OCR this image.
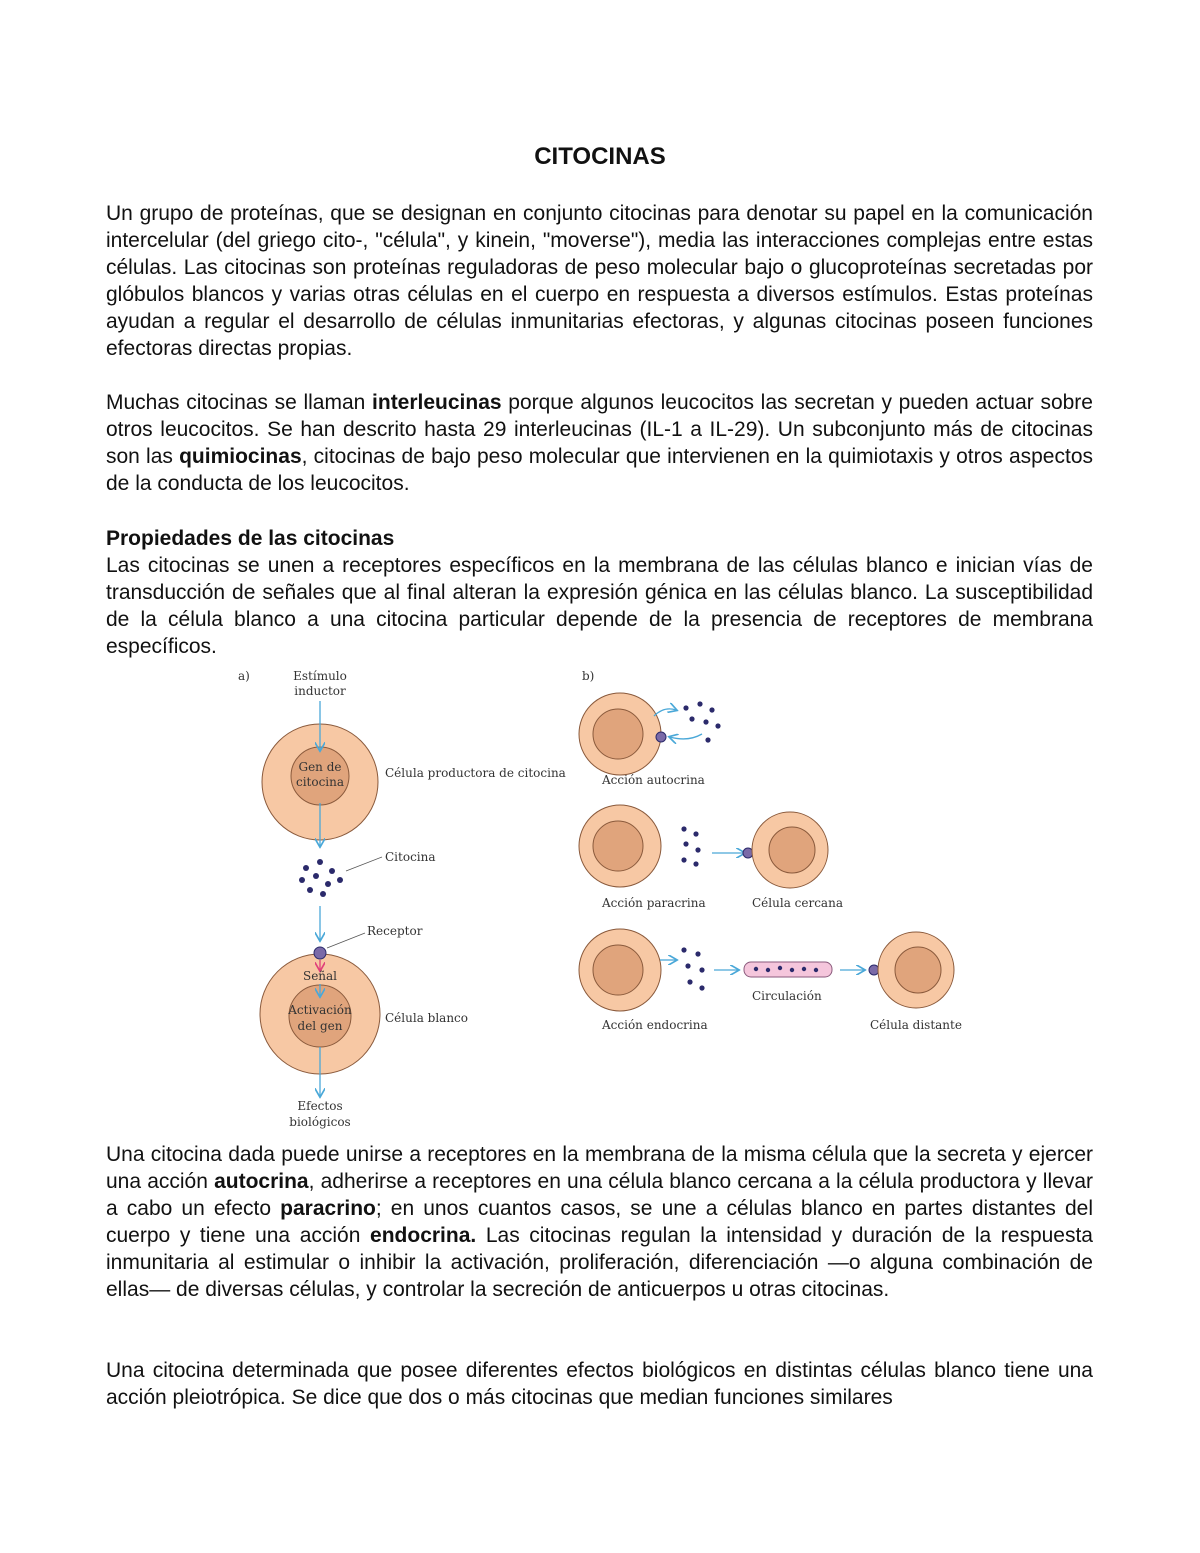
CITOCINAS
Un grupo de proteínas, que se designan en conjunto citocinas para denotar su papel en la comunicación intercelular (del griego cito-, "célula", y kinein, "moverse"), media las interacciones complejas entre estas células. Las citocinas son proteínas reguladoras de peso molecular bajo o glucoproteínas secretadas por glóbulos blancos y varias otras células en el cuerpo en respuesta a diversos estímulos. Estas proteínas ayudan a regular el desarrollo de células inmunitarias efectoras, y algunas citocinas poseen funciones efectoras directas propias.
Muchas citocinas se llaman interleucinas porque algunos leucocitos las secretan y pueden actuar sobre otros leucocitos. Se han descrito hasta 29 interleucinas (IL-1 a IL-29). Un subconjunto más de citocinas son las quimiocinas, citocinas de bajo peso molecular que intervienen en la quimiotaxis y otros aspectos de la conducta de los leucocitos.
Propiedades de las citocinas
Las citocinas se unen a receptores específicos en la membrana de las células blanco e inician vías de transducción de señales que al final alteran la expresión génica en las células blanco. La susceptibilidad de la célula blanco a una citocina particular depende de la presencia de receptores de membrana específicos.
a)	b)
Estímulo
inductor
Gen de
citocina
Célula productora de citocina
Citocina
Receptor
Señal
Activación
del gen
Célula blanco
Efectos
biológicos
Acción autocrina
Acción paracrina	Célula cercana
Circulación
Acción endocrina	Célula distante
Una citocina dada puede unirse a receptores en la membrana de la misma célula que la secreta y ejercer una acción autocrina, adherirse a receptores en una célula blanco cercana a la célula productora y llevar a cabo un efecto paracrino; en unos cuantos casos, se une a células blanco en partes distantes del cuerpo y tiene una acción endocrina. Las citocinas regulan la intensidad y duración de la respuesta inmunitaria al estimular o inhibir la activación, proliferación, diferenciación —o alguna combinación de ellas— de diversas células, y controlar la secreción de anticuerpos u otras citocinas.
Una citocina determinada que posee diferentes efectos biológicos en distintas células blanco tiene una acción pleiotrópica. Se dice que dos o más citocinas que median funciones similares
